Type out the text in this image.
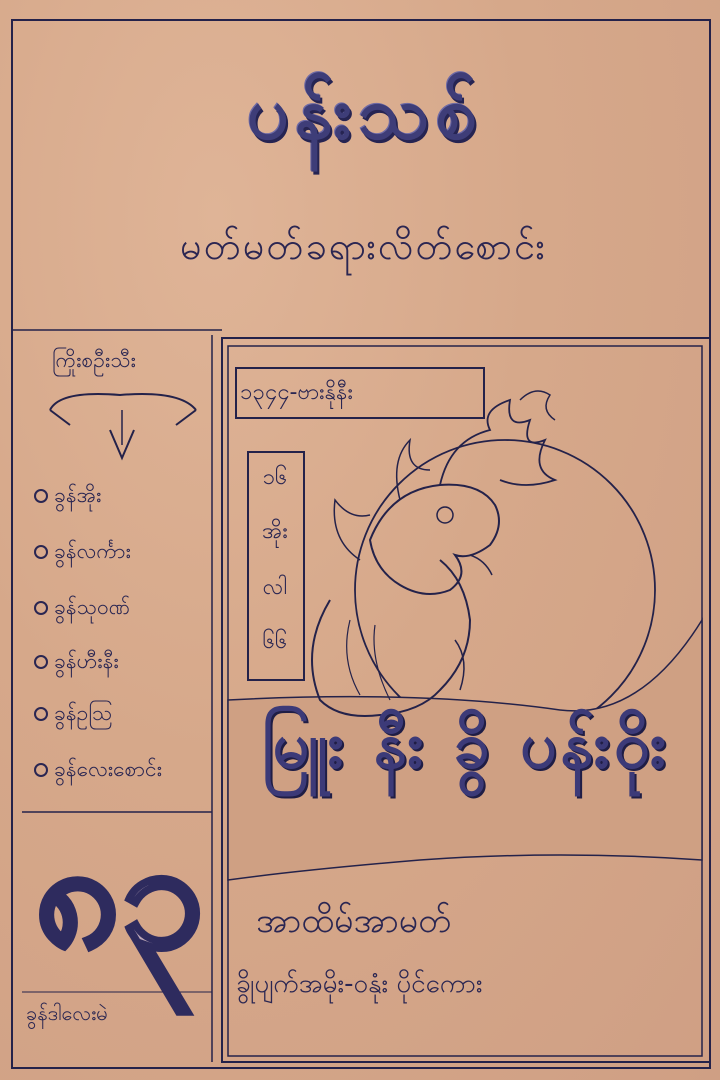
ပန်းသစ်
မတ်မတ်ခရားလိတ်စောင်း
ကြိုးစဦးသီး
ခွန်အိုး
ခွန်လင်္ကား
ခွန်သုဝဏ်
ခွန်ဟီးနီး
ခွန်ဥဩ
ခွန်လေးစောင်း
၈၃
ခွန်ဒါ​လေးမဲ
၁၃၄၄-ဗားနိုနီး
၁၆
အိုး
လါ
၆၆
မြူး နီး ခွိ ပန်းဝိုး
အာထိမ်အာမတ်
ခွိုပျက်အမိုး-ဝနုံး ပိုင်ကေား
